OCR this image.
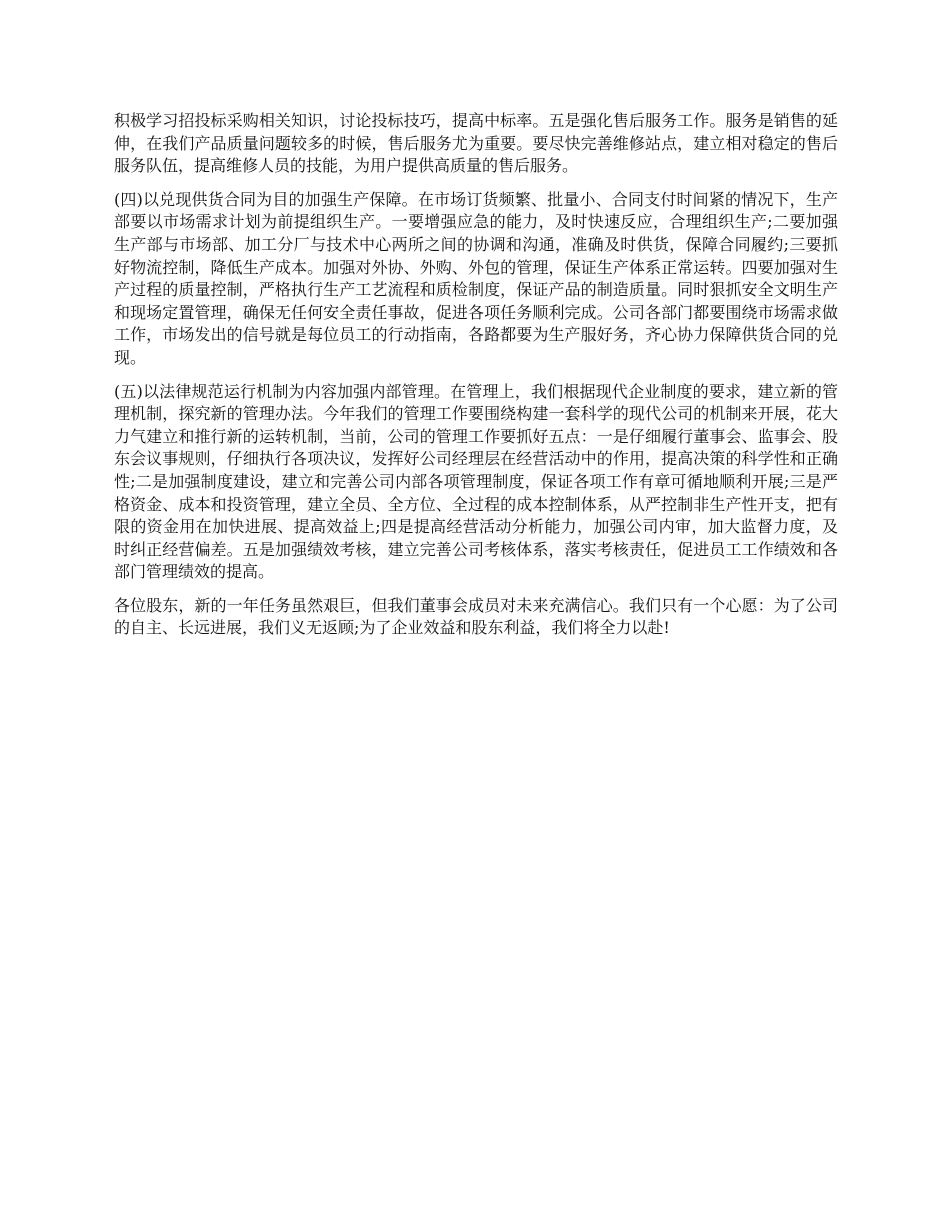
积极学习招投标采购相关知识，讨论投标技巧，提高中标率。五是强化售后服务工作。服务是销售的延伸，在我们产品质量问题较多的时候，售后服务尤为重要。要尽快完善维修站点，建立相对稳定的售后服务队伍，提高维修人员的技能，为用户提供高质量的售后服务。

(四)以兑现供货合同为目的加强生产保障。在市场订货频繁、批量小、合同支付时间紧的情况下，生产部要以市场需求计划为前提组织生产。一要增强应急的能力，及时快速反应，合理组织生产;二要加强生产部与市场部、加工分厂与技术中心两所之间的协调和沟通，准确及时供货，保障合同履约;三要抓好物流控制，降低生产成本。加强对外协、外购、外包的管理，保证生产体系正常运转。四要加强对生产过程的质量控制，严格执行生产工艺流程和质检制度，保证产品的制造质量。同时狠抓安全文明生产和现场定置管理，确保无任何安全责任事故，促进各项任务顺利完成。公司各部门都要围绕市场需求做工作，市场发出的信号就是每位员工的行动指南，各路都要为生产服好务，齐心协力保障供货合同的兑现。

(五)以法律规范运行机制为内容加强内部管理。在管理上，我们根据现代企业制度的要求，建立新的管理机制，探究新的管理办法。今年我们的管理工作要围绕构建一套科学的现代公司的机制来开展，花大力气建立和推行新的运转机制，当前，公司的管理工作要抓好五点：一是仔细履行董事会、监事会、股东会议事规则，仔细执行各项决议，发挥好公司经理层在经营活动中的作用，提高决策的科学性和正确性;二是加强制度建设，建立和完善公司内部各项管理制度，保证各项工作有章可循地顺利开展;三是严格资金、成本和投资管理，建立全员、全方位、全过程的成本控制体系，从严控制非生产性开支，把有限的资金用在加快进展、提高效益上;四是提高经营活动分析能力，加强公司内审，加大监督力度，及时纠正经营偏差。五是加强绩效考核，建立完善公司考核体系，落实考核责任，促进员工工作绩效和各部门管理绩效的提高。

各位股东，新的一年任务虽然艰巨，但我们董事会成员对未来充满信心。我们只有一个心愿：为了公司的自主、长远进展，我们义无返顾;为了企业效益和股东利益，我们将全力以赴!
